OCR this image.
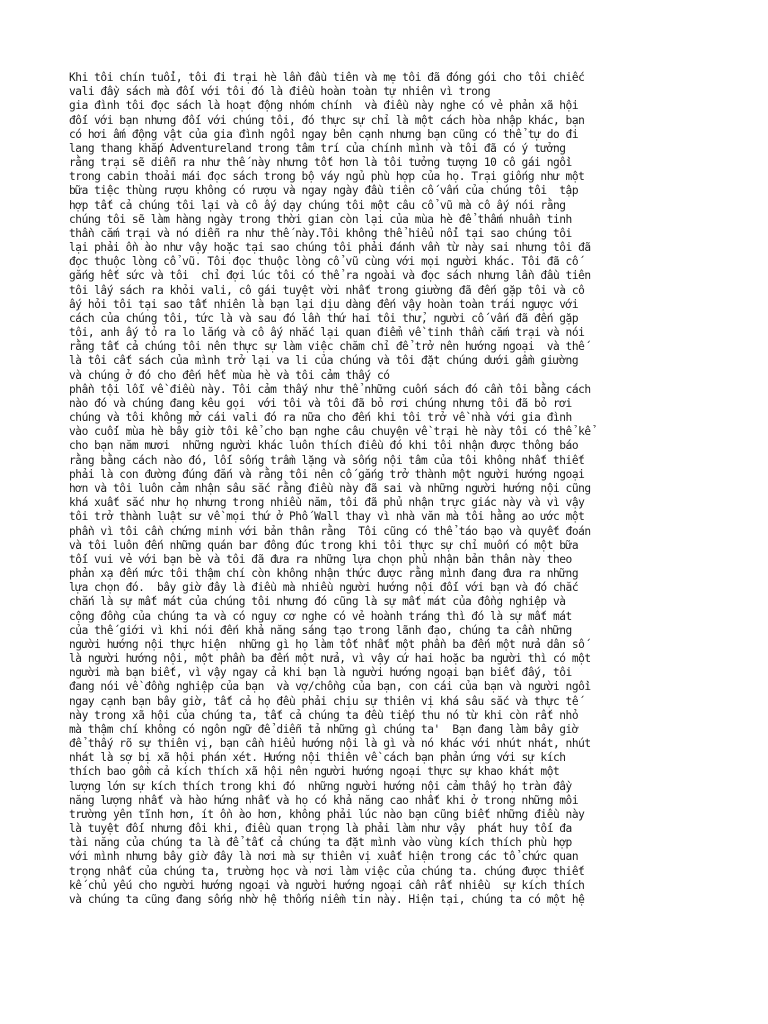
Khi tôi chín tuổi, tôi đi trại hè lần đầu tiên và mẹ tôi đã đóng gói cho tôi chiếc
vali đầy sách mà đối với tôi đó là điều hoàn toàn tự nhiên vì trong
gia đình tôi đọc sách là hoạt động nhóm chính  và điều này nghe có vẻ phản xã hội
đối với bạn nhưng đối với chúng tôi, đó thực sự chỉ là một cách hòa nhập khác, bạn
có hơi ấm động vật của gia đình ngồi ngay bên cạnh nhưng bạn cũng có thể tự do đi
lang thang khắp Adventureland trong tâm trí của chính mình và tôi đã có ý tưởng
rằng trại sẽ diễn ra như thế này nhưng tốt hơn là tôi tưởng tượng 10 cô gái ngồi
trong cabin thoải mái đọc sách trong bộ váy ngủ phù hợp của họ. Trại giống như một
bữa tiệc thùng rượu không có rượu và ngay ngày đầu tiên cố vấn của chúng tôi  tập
hợp tất cả chúng tôi lại và cô ấy dạy chúng tôi một câu cổ vũ mà cô ấy nói rằng
chúng tôi sẽ làm hàng ngày trong thời gian còn lại của mùa hè để thấm nhuần tinh
thần cắm trại và nó diễn ra như thế này.Tôi không thể hiểu nổi tại sao chúng tôi
lại phải ồn ào như vậy hoặc tại sao chúng tôi phải đánh vần từ này sai nhưng tôi đã
đọc thuộc lòng cổ vũ. Tôi đọc thuộc lòng cổ vũ cùng với mọi người khác. Tôi đã cố
gắng hết sức và tôi  chỉ đợi lúc tôi có thể ra ngoài và đọc sách nhưng lần đầu tiên
tôi lấy sách ra khỏi vali, cô gái tuyệt vời nhất trong giường đã đến gặp tôi và cô
ấy hỏi tôi tại sao tất nhiên là bạn lại dịu dàng đến vậy hoàn toàn trái ngược với
cách của chúng tôi, tức là và sau đó lần thứ hai tôi thử, người cố vấn đã đến gặp
tôi, anh ấy tỏ ra lo lắng và cô ấy nhắc lại quan điểm về tinh thần cắm trại và nói
rằng tất cả chúng tôi nên thực sự làm việc chăm chỉ để trở nên hướng ngoại  và thế
là tôi cất sách của mình trở lại va li của chúng và tôi đặt chúng dưới gầm giường
và chúng ở đó cho đến hết mùa hè và tôi cảm thấy có
phần tội lỗi về điều này. Tôi cảm thấy như thể những cuốn sách đó cần tôi bằng cách
nào đó và chúng đang kêu gọi  với tôi và tôi đã bỏ rơi chúng nhưng tôi đã bỏ rơi
chúng và tôi không mở cái vali đó ra nữa cho đến khi tôi trở về nhà với gia đình
vào cuối mùa hè bây giờ tôi kể cho bạn nghe câu chuyện về trại hè này tôi có thể kể
cho bạn năm mươi  những người khác luôn thích điều đó khi tôi nhận được thông báo
rằng bằng cách nào đó, lối sống trầm lặng và sống nội tâm của tôi không nhất thiết
phải là con đường đúng đắn và rằng tôi nên cố gắng trở thành một người hướng ngoại
hơn và tôi luôn cảm nhận sâu sắc rằng điều này đã sai và những người hướng nội cũng
khá xuất sắc như họ nhưng trong nhiều năm, tôi đã phủ nhận trực giác này và vì vậy
tôi trở thành luật sư về mọi thứ ở Phố Wall thay vì nhà văn mà tôi hằng ao ước một
phần vì tôi cần chứng minh với bản thân rằng  Tôi cũng có thể táo bạo và quyết đoán
và tôi luôn đến những quán bar đông đúc trong khi tôi thực sự chỉ muốn có một bữa
tối vui vẻ với bạn bè và tôi đã đưa ra những lựa chọn phủ nhận bản thân này theo
phản xạ đến mức tôi thậm chí còn không nhận thức được rằng mình đang đưa ra những
lựa chọn đó.  bây giờ đây là điều mà nhiều người hướng nội đối với bạn và đó chắc
chắn là sự mất mát của chúng tôi nhưng đó cũng là sự mất mát của đồng nghiệp và
cộng đồng của chúng ta và có nguy cơ nghe có vẻ hoành tráng thì đó là sự mất mát
của thế giới vì khi nói đến khả năng sáng tạo trong lãnh đạo, chúng ta cần những
người hướng nội thực hiện  những gì họ làm tốt nhất một phần ba đến một nửa dân số
là người hướng nội, một phần ba đến một nửa, vì vậy cứ hai hoặc ba người thì có một
người mà bạn biết, vì vậy ngay cả khi bạn là người hướng ngoại bạn biết đấy, tôi
đang nói về đồng nghiệp của bạn  và vợ/chồng của bạn, con cái của bạn và người ngồi
ngay cạnh bạn bây giờ, tất cả họ đều phải chịu sự thiên vị khá sâu sắc và thực tế
này trong xã hội của chúng ta, tất cả chúng ta đều tiếp thu nó từ khi còn rất nhỏ
mà thậm chí không có ngôn ngữ để diễn tả những gì chúng ta'  Bạn đang làm bây giờ
để thấy rõ sự thiên vị, bạn cần hiểu hướng nội là gì và nó khác với nhút nhát, nhút
nhát là sợ bị xã hội phán xét. Hướng nội thiên về cách bạn phản ứng với sự kích
thích bao gồm cả kích thích xã hội nên người hướng ngoại thực sự khao khát một
lượng lớn sự kích thích trong khi đó  những người hướng nội cảm thấy họ tràn đầy
năng lượng nhất và hào hứng nhất và họ có khả năng cao nhất khi ở trong những môi
trường yên tĩnh hơn, ít ồn ào hơn, không phải lúc nào bạn cũng biết những điều này
là tuyệt đối nhưng đôi khi, điều quan trọng là phải làm như vậy  phát huy tối đa
tài năng của chúng ta là để tất cả chúng ta đặt mình vào vùng kích thích phù hợp
với mình nhưng bây giờ đây là nơi mà sự thiên vị xuất hiện trong các tổ chức quan
trọng nhất của chúng ta, trường học và nơi làm việc của chúng ta. chúng được thiết
kế chủ yếu cho người hướng ngoại và người hướng ngoại cần rất nhiều  sự kích thích
và chúng ta cũng đang sống nhờ hệ thống niềm tin này. Hiện tại, chúng ta có một hệ
